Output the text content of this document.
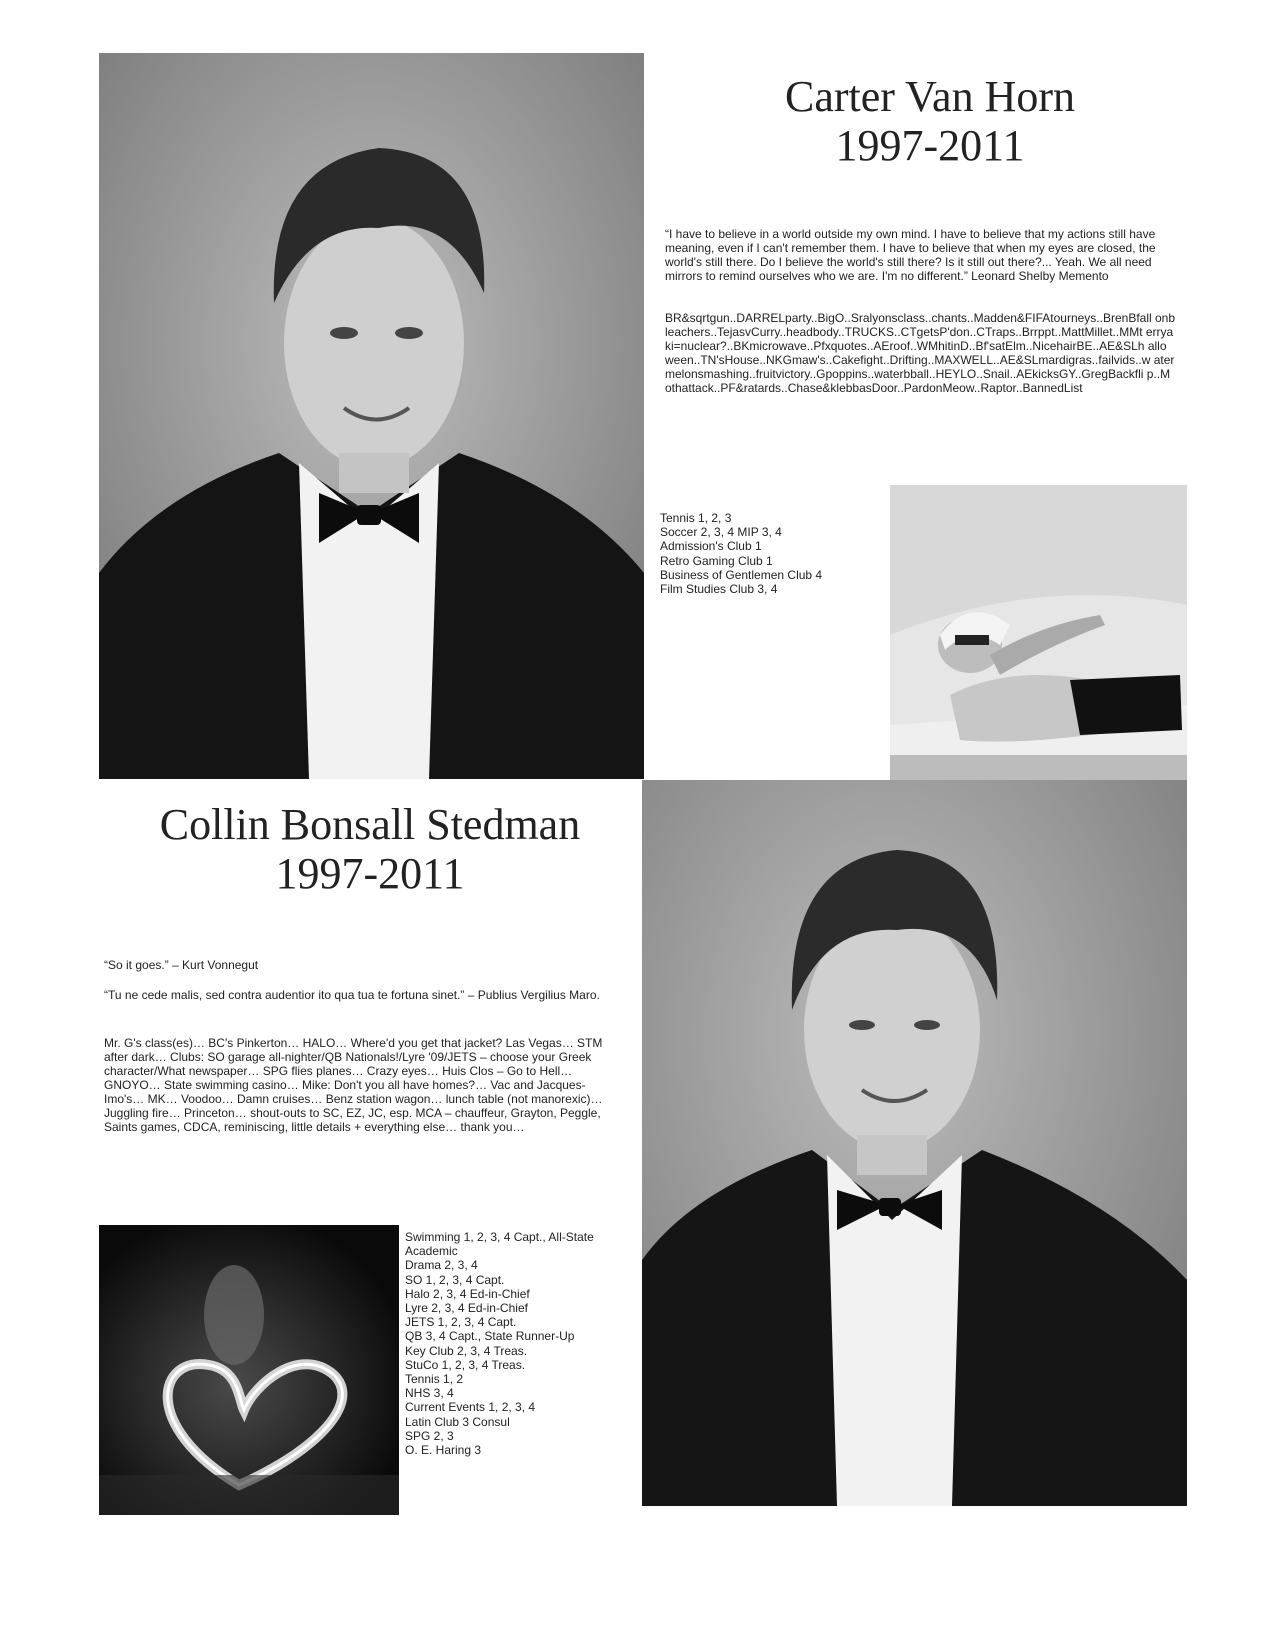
Carter Van Horn
1997-2011

“I have to believe in a world outside my own mind. I have to believe that my actions still have meaning, even if I can't remember them. I have to believe that when my eyes are closed, the world's still there. Do I believe the world's still there? Is it still out there?... Yeah. We all need mirrors to remind ourselves who we are. I'm no different.” Leonard Shelby Memento

BR&sqrtgun..DARRELparty..BigO..Sralyonsclass..chants..Madden&FIFAtourneys..BrenBfall onbleachers..TejasvCurry..headbody..TRUCKS..CTgetsP'don..CTraps..Brrppt..MattMillet..MMt erryaki=nuclear?..BKmicrowave..Pfxquotes..AEroof..WMhitinD..Bf'satElm..NicehairBE..AE&SLh alloween..TN'sHouse..NKGmaw's..Cakefight..Drifting..MAXWELL..AE&SLmardigras..failvids..w atermelonsmashing..fruitvictory..Gpoppins..waterbball..HEYLO..Snail..AEkicksGY..GregBackfli p..Mothattack..PF&ratards..Chase&klebbasDoor..PardonMeow..Raptor..BannedList

Tennis 1, 2, 3
Soccer 2, 3, 4 MIP 3, 4
Admission's Club 1
Retro Gaming Club 1
Business of Gentlemen Club 4
Film Studies Club 3, 4
Collin Bonsall Stedman
1997-2011

“So it goes.” – Kurt Vonnegut

“Tu ne cede malis, sed contra audentior ito qua tua te fortuna sinet.” – Publius Vergilius Maro.

Mr. G's class(es)… BC's Pinkerton… HALO… Where'd you get that jacket? Las Vegas… STM after dark… Clubs: SO garage all-nighter/QB Nationals!/Lyre '09/JETS – choose your Greek character/What newspaper… SPG flies planes… Crazy eyes… Huis Clos – Go to Hell… GNOYO… State swimming casino… Mike: Don't you all have homes?… Vac and Jacques-Imo's… MK… Voodoo… Damn cruises… Benz station wagon… lunch table (not manorexic)… Juggling fire… Princeton… shout-outs to SC, EZ, JC, esp. MCA – chauffeur, Grayton, Peggle, Saints games, CDCA, reminiscing, little details + everything else… thank you…

Swimming 1, 2, 3, 4 Capt., All-State
Academic
Drama 2, 3, 4
SO 1, 2, 3, 4 Capt.
Halo 2, 3, 4 Ed-in-Chief
Lyre 2, 3, 4 Ed-in-Chief
JETS 1, 2, 3, 4 Capt.
QB 3, 4 Capt., State Runner-Up
Key Club 2, 3, 4 Treas.
StuCo 1, 2, 3, 4 Treas.
Tennis 1, 2
NHS 3, 4
Current Events 1, 2, 3, 4
Latin Club 3 Consul
SPG 2, 3
O. E. Haring 3
